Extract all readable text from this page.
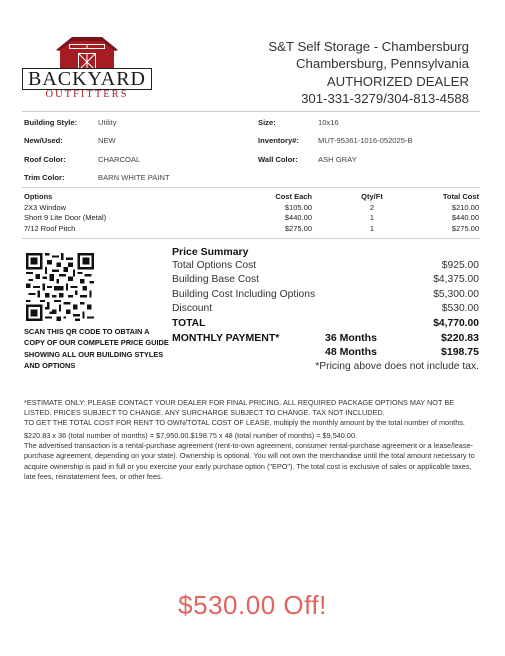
BACKYARD
OUTFITTERS
S&T Self Storage - Chambersburg
Chambersburg, Pennsylvania
AUTHORIZED DEALER
301-331-3279/304-813-4588
Building Style:	Utility	Size:	10x16
New/Used:	NEW	Inventory#:	MUT-95361-1016-052025-B
Roof Color:	CHARCOAL	Wall Color:	ASH GRAY
Trim Color:	BARN WHITE PAINT
Options	Cost Each	Qty/Ft	Total Cost
2X3 Window	$105.00	2	$210.00
Short 9 Lite Door (Metal)	$440.00	1	$440.00
7/12 Roof Pitch	$275.00	1	$275.00
SCAN THIS QR CODE TO OBTAIN A COPY OF OUR COMPLETE PRICE GUIDE SHOWING ALL OUR BUILDING STYLES AND OPTIONS
Price Summary
Total Options Cost	$925.00
Building Base Cost	$4,375.00
Building Cost Including Options	$5,300.00
Discount	$530.00
TOTAL	$4,770.00
MONTHLY PAYMENT*	36 Months	$220.83
48 Months	$198.75
*Pricing above does not include tax.

*ESTIMATE ONLY: PLEASE CONTACT YOUR DEALER FOR FINAL PRICING. ALL REQUIRED PACKAGE OPTIONS MAY NOT BE LISTED. PRICES SUBJECT TO CHANGE. ANY SURCHARGE SUBJECT TO CHANGE. TAX NOT INCLUDED.

TO GET THE TOTAL COST FOR RENT TO OWN/TOTAL COST OF LEASE, multiply the monthly amount by the total number of months.

$220.83 x 36 (total number of months) = $7,950.00.$198.75 x 48 (total number of months) = $9,540.00.

The advertised transaction is a rental-purchase agreement (rent-to-own agreement, consumer rental-purchase agreement or a lease/lease-purchase agreement, depending on your state). Ownership is optional. You will not own the merchandise until the total amount necessary to acquire ownership is paid in full or you exercise your early purchase option ("EPO"). The total cost is exclusive of sales or applicable taxes, late fees, reinstatement fees, or other fees.

$530.00 Off!
